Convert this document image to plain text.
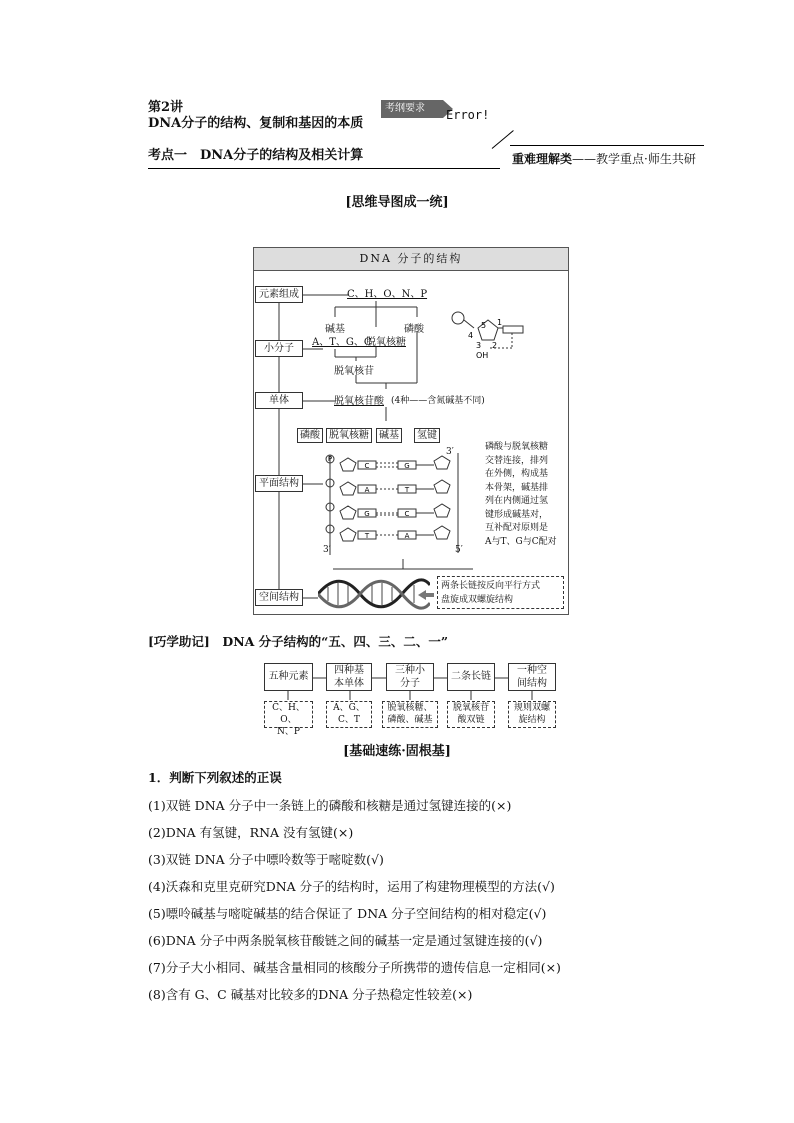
第2讲
DNA分子的结构、复制和基因的本质
考纲要求	Error!
考点一　DNA分子的结构及相关计算	重难理解类——教学重点·师生共研
[思维导图成一统]
DNA 分子的结构
元素组成
小分子
单体
平面结构
空间结构
C、H、O、N、P
碱基	磷酸
A、T、G、C
脱氧核糖
脱氧核苷
脱氧核苷酸 (4种——含氮碱基不同)
5
4
3 2
1
OH
磷酸 脱氧核糖	碱基	氢键
C	G
A	T
G	C
T	A
P
3′
3′	5′
磷酸与脱氧核糖
交替连接，排列
在外侧，构成基
本骨架，碱基排
列在内侧通过氢
键形成碱基对，
互补配对原则是
A与T、G与C配对
两条长链按反向平行方式
盘旋成双螺旋结构
[巧学助记]　 DNA 分子结构的“五、四、三、二、一”
五种元素
四种基
本单体
三种小
分子
二条长链
一种空
间结构
C、H、O、
N、P
A、G、
C、T
脱氧核糖、
磷酸、碱基
脱氧核苷
酸双链
规则双螺
旋结构
[基础速练·固根基]
1．判断下列叙述的正误
(1)双链 DNA 分子中一条链上的磷酸和核糖是通过氢键连接的(×)
(2)DNA 有氢键，RNA 没有氢键(×)
(3)双链 DNA 分子中嘌呤数等于嘧啶数(√)
(4)沃森和克里克研究DNA 分子的结构时，运用了构建物理模型的方法(√)
(5)嘌呤碱基与嘧啶碱基的结合保证了 DNA 分子空间结构的相对稳定(√)
(6)DNA 分子中两条脱氧核苷酸链之间的碱基一定是通过氢键连接的(√)
(7)分子大小相同、碱基含量相同的核酸分子所携带的遗传信息一定相同(×)
(8)含有 G、C 碱基对比较多的DNA 分子热稳定性较差(×)
